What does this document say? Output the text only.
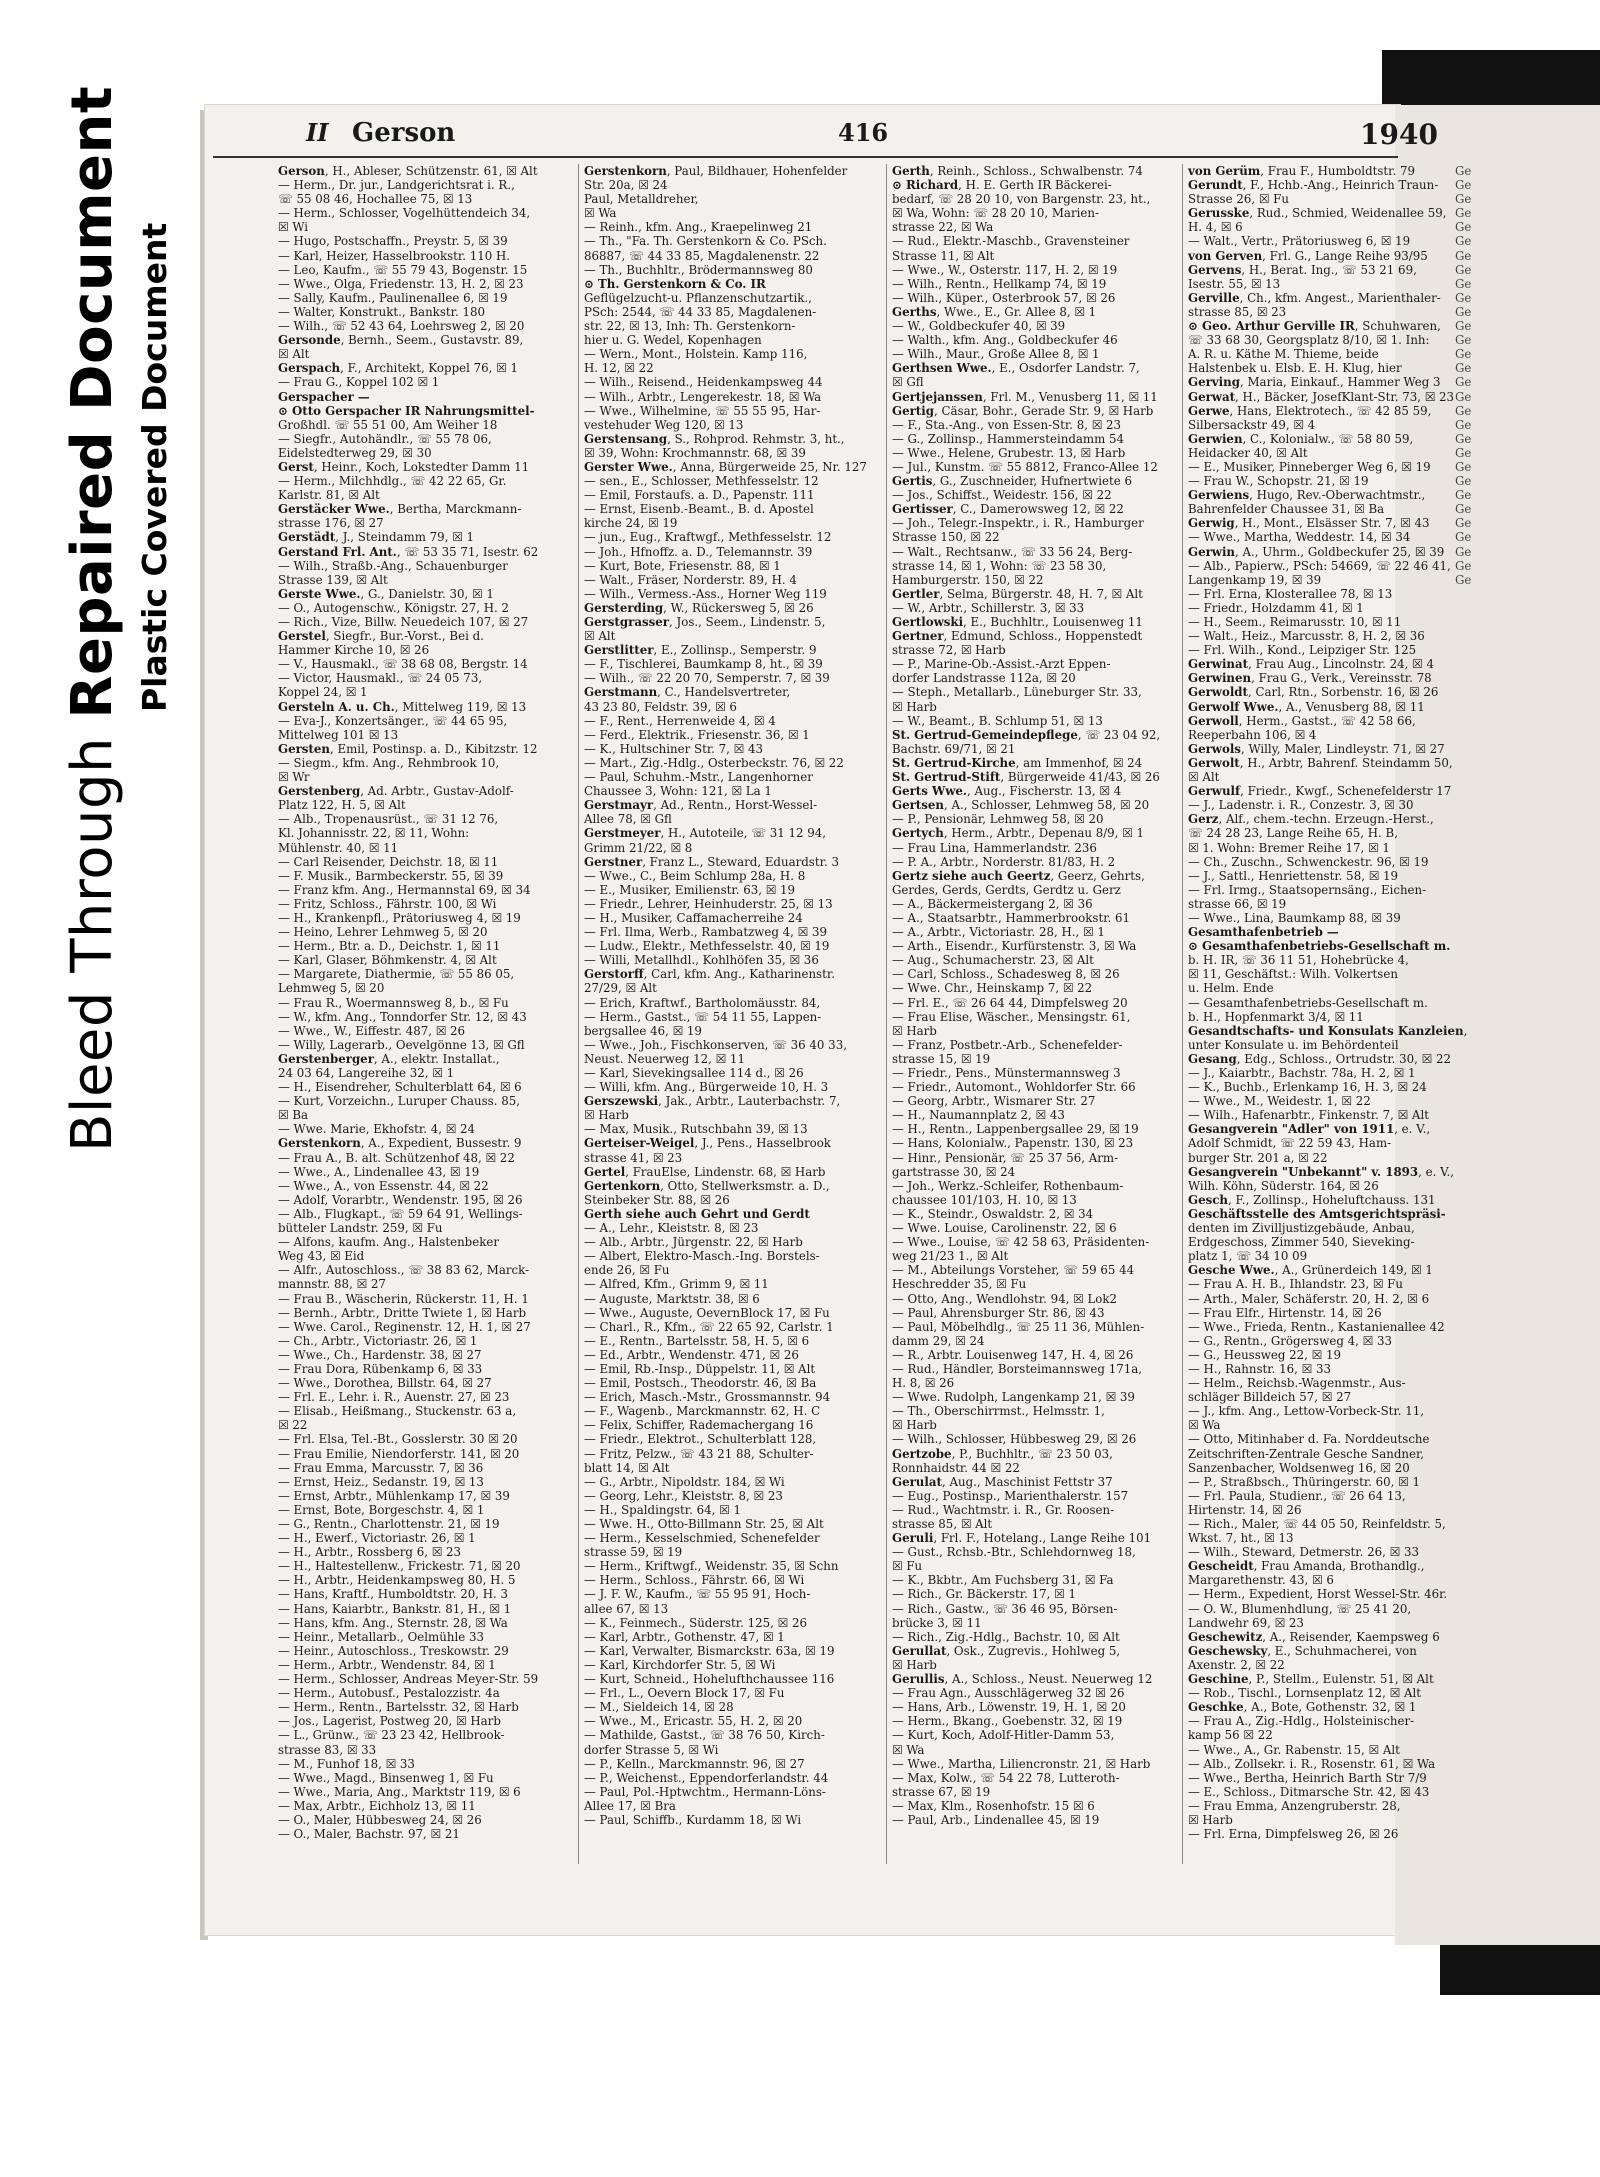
Bleed Through Repaired Document Plastic Covered Document
II Gerson	416	1940
Gerson, H., Ableser, Schützenstr. 61, ☒ Alt
— Herm., Dr. jur., Landgerichtsrat i. R.,
☏ 55 08 46, Hochallee 75, ☒ 13
— Herm., Schlosser, Vogelhüttendeich 34,
☒ Wi
— Hugo, Postschaffn., Preystr. 5, ☒ 39
— Karl, Heizer, Hasselbrookstr. 110 H.
— Leo, Kaufm., ☏ 55 79 43, Bogenstr. 15
— Wwe., Olga, Friedenstr. 13, H. 2, ☒ 23
— Sally, Kaufm., Paulinenallee 6, ☒ 19
— Walter, Konstrukt., Bankstr. 180
— Wilh., ☏ 52 43 64, Loehrsweg 2, ☒ 20
Gersonde, Bernh., Seem., Gustavstr. 89,
☒ Alt
Gerspach, F., Architekt, Koppel 76, ☒ 1
— Frau G., Koppel 102 ☒ 1
Gerspacher —
⊙ Otto Gerspacher IR Nahrungsmittel-
Großhdl. ☏ 55 51 00, Am Weiher 18
— Siegfr., Autohändlr., ☏ 55 78 06,
Eidelstedterweg 29, ☒ 30
Gerst, Heinr., Koch, Lokstedter Damm 11
— Herm., Milchhdlg., ☏ 42 22 65, Gr.
Karlstr. 81, ☒ Alt
Gerstäcker Wwe., Bertha, Marckmann-
strasse 176, ☒ 27
Gerstädt, J., Steindamm 79, ☒ 1
Gerstand Frl. Ant., ☏ 53 35 71, Isestr. 62
— Wilh., Straßb.-Ang., Schauenburger
Strasse 139, ☒ Alt
Gerste Wwe., G., Danielstr. 30, ☒ 1
— O., Autogenschw., Königstr. 27, H. 2
— Rich., Vize, Billw. Neuedeich 107, ☒ 27
Gerstel, Siegfr., Bur.-Vorst., Bei d.
Hammer Kirche 10, ☒ 26
— V., Hausmakl., ☏ 38 68 08, Bergstr. 14
— Victor, Hausmakl., ☏ 24 05 73,
Koppel 24, ☒ 1
Gersteln A. u. Ch., Mittelweg 119, ☒ 13
— Eva-J., Konzertsänger., ☏ 44 65 95,
Mittelweg 101 ☒ 13
Gersten, Emil, Postinsp. a. D., Kibitzstr. 12
— Siegm., kfm. Ang., Rehmbrook 10,
☒ Wr
Gerstenberg, Ad. Arbtr., Gustav-Adolf-
Platz 122, H. 5, ☒ Alt
— Alb., Tropenausrüst., ☏ 31 12 76,
Kl. Johannisstr. 22, ☒ 11, Wohn:
Mühlenstr. 40, ☒ 11
— Carl Reisender, Deichstr. 18, ☒ 11
— F. Musik., Barmbeckerstr. 55, ☒ 39
— Franz kfm. Ang., Hermannstal 69, ☒ 34
— Fritz, Schloss., Fährstr. 100, ☒ Wi
— H., Krankenpfl., Prätoriusweg 4, ☒ 19
— Heino, Lehrer Lehmweg 5, ☒ 20
— Herm., Btr. a. D., Deichstr. 1, ☒ 11
— Karl, Glaser, Böhmkenstr. 4, ☒ Alt
— Margarete, Diathermie, ☏ 55 86 05,
Lehmweg 5, ☒ 20
— Frau R., Woermannsweg 8, b., ☒ Fu
— W., kfm. Ang., Tonndorfer Str. 12, ☒ 43
— Wwe., W., Eiffestr. 487, ☒ 26
— Willy, Lagerarb., Oevelgönne 13, ☒ Gfl
Gerstenberger, A., elektr. Installat.,
24 03 64, Langereihe 32, ☒ 1
— H., Eisendreher, Schulterblatt 64, ☒ 6
— Kurt, Vorzeichn., Luruper Chauss. 85,
☒ Ba
— Wwe. Marie, Ekhofstr. 4, ☒ 24
Gerstenkorn, A., Expedient, Bussestr. 9
— Frau A., B. alt. Schützenhof 48, ☒ 22
— Wwe., A., Lindenallee 43, ☒ 19
— Wwe., A., von Essenstr. 44, ☒ 22
— Adolf, Vorarbtr., Wendenstr. 195, ☒ 26
— Alb., Flugkapt., ☏ 59 64 91, Wellings-
bütteler Landstr. 259, ☒ Fu
— Alfons, kaufm. Ang., Halstenbeker
Weg 43, ☒ Eid
— Alfr., Autoschloss., ☏ 38 83 62, Marck-
mannstr. 88, ☒ 27
— Frau B., Wäscherin, Rückerstr. 11, H. 1
— Bernh., Arbtr., Dritte Twiete 1, ☒ Harb
— Wwe. Carol., Reginenstr. 12, H. 1, ☒ 27
— Ch., Arbtr., Victoriastr. 26, ☒ 1
— Wwe., Ch., Hardenstr. 38, ☒ 27
— Frau Dora, Rübenkamp 6, ☒ 33
— Wwe., Dorothea, Billstr. 64, ☒ 27
— Frl. E., Lehr. i. R., Auenstr. 27, ☒ 23
— Elisab., Heißmang., Stuckenstr. 63 a,
☒ 22
— Frl. Elsa, Tel.-Bt., Gosslerstr. 30 ☒ 20
— Frau Emilie, Niendorferstr. 141, ☒ 20
— Frau Emma, Marcusstr. 7, ☒ 36
— Ernst, Heiz., Sedanstr. 19, ☒ 13
— Ernst, Arbtr., Mühlenkamp 17, ☒ 39
— Ernst, Bote, Borgeschstr. 4, ☒ 1
— G., Rentn., Charlottenstr. 21, ☒ 19
— H., Ewerf., Victoriastr. 26, ☒ 1
— H., Arbtr., Rossberg 6, ☒ 23
— H., Haltestellenw., Frickestr. 71, ☒ 20
— H., Arbtr., Heidenkampsweg 80, H. 5
— Hans, Kraftf., Humboldtstr. 20, H. 3
— Hans, Kaiarbtr., Bankstr. 81, H., ☒ 1
— Hans, kfm. Ang., Sternstr. 28, ☒ Wa
— Heinr., Metallarb., Oelmühle 33
— Heinr., Autoschloss., Treskowstr. 29
— Herm., Arbtr., Wendenstr. 84, ☒ 1
— Herm., Schlosser, Andreas Meyer-Str. 59
— Herm., Autobusf., Pestalozzistr. 4a
— Herm., Rentn., Bartelsstr. 32, ☒ Harb
— Jos., Lagerist, Postweg 20, ☒ Harb
— L., Grünw., ☏ 23 23 42, Hellbrook-
strasse 83, ☒ 33
— M., Funhof 18, ☒ 33
— Wwe., Magd., Binsenweg 1, ☒ Fu
— Wwe., Maria, Ang., Marktstr 119, ☒ 6
— Max, Arbtr., Eichholz 13, ☒ 11
— O., Maler, Hübbesweg 24, ☒ 26
— O., Maler, Bachstr. 97, ☒ 21
Gerstenkorn, Paul, Bildhauer, Hohenfelder
Str. 20a, ☒ 24
Paul, Metalldreher,
☒ Wa
— Reinh., kfm. Ang., Kraepelinweg 21
— Th., "Fa. Th. Gerstenkorn & Co. PSch.
86887, ☏ 44 33 85, Magdalenenstr. 22
— Th., Buchhltr., Brödermannsweg 80
⊙ Th. Gerstenkorn & Co. IR
Geflügelzucht-u. Pflanzenschutzartik.,
PSch: 2544, ☏ 44 33 85, Magdalenen-
str. 22, ☒ 13, Inh: Th. Gerstenkorn-
hier u. G. Wedel, Kopenhagen
— Wern., Mont., Holstein. Kamp 116,
H. 12, ☒ 22
— Wilh., Reisend., Heidenkampsweg 44
— Wilh., Arbtr., Lengerekestr. 18, ☒ Wa
— Wwe., Wilhelmine, ☏ 55 55 95, Har-
vestehuder Weg 120, ☒ 13
Gerstensang, S., Rohprod. Rehmstr. 3, ht.,
☒ 39, Wohn: Krochmannstr. 68, ☒ 39
Gerster Wwe., Anna, Bürgerweide 25, Nr. 127
— sen., E., Schlosser, Methfesselstr. 12
— Emil, Forstaufs. a. D., Papenstr. 111
— Ernst, Eisenb.-Beamt., B. d. Apostel
kirche 24, ☒ 19
— jun., Eug., Kraftwgf., Methfesselstr. 12
— Joh., Hfnoffz. a. D., Telemannstr. 39
— Kurt, Bote, Friesenstr. 88, ☒ 1
— Walt., Fräser, Norderstr. 89, H. 4
— Wilh., Vermess.-Ass., Horner Weg 119
Gersterding, W., Rückersweg 5, ☒ 26
Gerstgrasser, Jos., Seem., Lindenstr. 5,
☒ Alt
Gerstlitter, E., Zollinsp., Semperstr. 9
— F., Tischlerei, Baumkamp 8, ht., ☒ 39
— Wilh., ☏ 22 20 70, Semperstr. 7, ☒ 39
Gerstmann, C., Handelsvertreter,
43 23 80, Feldstr. 39, ☒ 6
— F., Rent., Herrenweide 4, ☒ 4
— Ferd., Elektrik., Friesenstr. 36, ☒ 1
— K., Hultschiner Str. 7, ☒ 43
— Mart., Zig.-Hdlg., Osterbeckstr. 76, ☒ 22
— Paul, Schuhm.-Mstr., Langenhorner
Chaussee 3, Wohn: 121, ☒ La 1
Gerstmayr, Ad., Rentn., Horst-Wessel-
Allee 78, ☒ Gfl
Gerstmeyer, H., Autoteile, ☏ 31 12 94,
Grimm 21/22, ☒ 8
Gerstner, Franz L., Steward, Eduardstr. 3
— Wwe., C., Beim Schlump 28a, H. 8
— E., Musiker, Emilienstr. 63, ☒ 19
— Friedr., Lehrer, Heinhuderstr. 25, ☒ 13
— H., Musiker, Caffamacherreihe 24
— Frl. Ilma, Werb., Rambatzweg 4, ☒ 39
— Ludw., Elektr., Methfesselstr. 40, ☒ 19
— Willi, Metallhdl., Kohlhöfen 35, ☒ 36
Gerstorff, Carl, kfm. Ang., Katharinenstr.
27/29, ☒ Alt
— Erich, Kraftwf., Bartholomäusstr. 84,
— Herm., Gastst., ☏ 54 11 55, Lappen-
bergsallee 46, ☒ 19
— Wwe., Joh., Fischkonserven, ☏ 36 40 33,
Neust. Neuerweg 12, ☒ 11
— Karl, Sievekingsallee 114 d., ☒ 26
— Willi, kfm. Ang., Bürgerweide 10, H. 3
Gerszewski, Jak., Arbtr., Lauterbachstr. 7,
☒ Harb
— Max, Musik., Rutschbahn 39, ☒ 13
Gerteiser-Weigel, J., Pens., Hasselbrook
strasse 41, ☒ 23
Gertel, FrauElse, Lindenstr. 68, ☒ Harb
Gertenkorn, Otto, Stellwerksmstr. a. D.,
Steinbeker Str. 88, ☒ 26
Gerth siehe auch Gehrt und Gerdt
— A., Lehr., Kleiststr. 8, ☒ 23
— Alb., Arbtr., Jürgenstr. 22, ☒ Harb
— Albert, Elektro-Masch.-Ing. Borstels-
ende 26, ☒ Fu
— Alfred, Kfm., Grimm 9, ☒ 11
— Auguste, Marktstr. 38, ☒ 6
— Wwe., Auguste, OevernBlock 17, ☒ Fu
— Charl., R., Kfm., ☏ 22 65 92, Carlstr. 1
— E., Rentn., Bartelsstr. 58, H. 5, ☒ 6
— Ed., Arbtr., Wendenstr. 471, ☒ 26
— Emil, Rb.-Insp., Düppelstr. 11, ☒ Alt
— Emil, Postsch., Theodorstr. 46, ☒ Ba
— Erich, Masch.-Mstr., Grossmannstr. 94
— F., Wagenb., Marckmannstr. 62, H. C
— Felix, Schiffer, Rademachergang 16
— Friedr., Elektrot., Schulterblatt 128,
— Fritz, Pelzw., ☏ 43 21 88, Schulter-
blatt 14, ☒ Alt
— G., Arbtr., Nipoldstr. 184, ☒ Wi
— Georg, Lehr., Kleiststr. 8, ☒ 23
— H., Spaldingstr. 64, ☒ 1
— Wwe. H., Otto-Billmann Str. 25, ☒ Alt
— Herm., Kesselschmied, Schenefelder
strasse 59, ☒ 19
— Herm., Kriftwgf., Weidenstr. 35, ☒ Schn
— Herm., Schloss., Fährstr. 66, ☒ Wi
— J. F. W., Kaufm., ☏ 55 95 91, Hoch-
allee 67, ☒ 13
— K., Feinmech., Süderstr. 125, ☒ 26
— Karl, Arbtr., Gothenstr. 47, ☒ 1
— Karl, Verwalter, Bismarckstr. 63a, ☒ 19
— Karl, Kirchdorfer Str. 5, ☒ Wi
— Kurt, Schneid., Hohelufthchaussee 116
— Frl., L., Oevern Block 17, ☒ Fu
— M., Sieldeich 14, ☒ 28
— Wwe., M., Ericastr. 55, H. 2, ☒ 20
— Mathilde, Gastst., ☏ 38 76 50, Kirch-
dorfer Strasse 5, ☒ Wi
— P., Kelln., Marckmannstr. 96, ☒ 27
— P., Weichenst., Eppendorferlandstr. 44
— Paul, Pol.-Hptwchtm., Hermann-Löns-
Allee 17, ☒ Bra
— Paul, Schiffb., Kurdamm 18, ☒ Wi
Gerth, Reinh., Schloss., Schwalbenstr. 74
⊙ Richard, H. E. Gerth IR Bäckerei-
bedarf, ☏ 28 20 10, von Bargenstr. 23, ht.,
☒ Wa, Wohn: ☏ 28 20 10, Marien-
strasse 22, ☒ Wa
— Rud., Elektr.-Maschb., Gravensteiner
Strasse 11, ☒ Alt
— Wwe., W., Osterstr. 117, H. 2, ☒ 19
— Wilh., Rentn., Hellkamp 74, ☒ 19
— Wilh., Küper., Osterbrook 57, ☒ 26
Gerths, Wwe., E., Gr. Allee 8, ☒ 1
— W., Goldbeckufer 40, ☒ 39
— Walth., kfm. Ang., Goldbeckufer 46
— Wilh., Maur., Große Allee 8, ☒ 1
Gerthsen Wwe., E., Osdorfer Landstr. 7,
☒ Gfl
Gertjejanssen, Frl. M., Venusberg 11, ☒ 11
Gertig, Cäsar, Bohr., Gerade Str. 9, ☒ Harb
— F., Sta.-Ang., von Essen-Str. 8, ☒ 23
— G., Zollinsp., Hammersteindamm 54
— Wwe., Helene, Grubestr. 13, ☒ Harb
— Jul., Kunstm. ☏ 55 8812, Franco-Allee 12
Gertis, G., Zuschneider, Hufnertwiete 6
— Jos., Schiffst., Weidestr. 156, ☒ 22
Gertisser, C., Damerowsweg 12, ☒ 22
— Joh., Telegr.-Inspektr., i. R., Hamburger
Strasse 150, ☒ 22
— Walt., Rechtsanw., ☏ 33 56 24, Berg-
strasse 14, ☒ 1, Wohn: ☏ 23 58 30,
Hamburgerstr. 150, ☒ 22
Gertler, Selma, Bürgerstr. 48, H. 7, ☒ Alt
— W., Arbtr., Schillerstr. 3, ☒ 33
Gertlowski, E., Buchhltr., Louisenweg 11
Gertner, Edmund, Schloss., Hoppenstedt
strasse 72, ☒ Harb
— P., Marine-Ob.-Assist.-Arzt Eppen-
dorfer Landstrasse 112a, ☒ 20
— Steph., Metallarb., Lüneburger Str. 33,
☒ Harb
— W., Beamt., B. Schlump 51, ☒ 13
St. Gertrud-Gemeindepflege, ☏ 23 04 92,
Bachstr. 69/71, ☒ 21
St. Gertrud-Kirche, am Immenhof, ☒ 24
St. Gertrud-Stift, Bürgerweide 41/43, ☒ 26
Gerts Wwe., Aug., Fischerstr. 13, ☒ 4
Gertsen, A., Schlosser, Lehmweg 58, ☒ 20
— P., Pensionär, Lehmweg 58, ☒ 20
Gertych, Herm., Arbtr., Depenau 8/9, ☒ 1
— Frau Lina, Hammerlandstr. 236
— P. A., Arbtr., Norderstr. 81/83, H. 2
Gertz siehe auch Geertz, Geerz, Gehrts,
Gerdes, Gerds, Gerdts, Gerdtz u. Gerz
— A., Bäckermeistergang 2, ☒ 36
— A., Staatsarbtr., Hammerbrookstr. 61
— A., Arbtr., Victoriastr. 28, H., ☒ 1
— Arth., Eisendr., Kurfürstenstr. 3, ☒ Wa
— Aug., Schumacherstr. 23, ☒ Alt
— Carl, Schloss., Schadesweg 8, ☒ 26
— Wwe. Chr., Heinskamp 7, ☒ 22
— Frl. E., ☏ 26 64 44, Dimpfelsweg 20
— Frau Elise, Wäscher., Mensingstr. 61,
☒ Harb
— Franz, Postbetr.-Arb., Schenefelder-
strasse 15, ☒ 19
— Friedr., Pens., Münstermannsweg 3
— Friedr., Automont., Wohldorfer Str. 66
— Georg, Arbtr., Wismarer Str. 27
— H., Naumannplatz 2, ☒ 43
— H., Rentn., Lappenbergsallee 29, ☒ 19
— Hans, Kolonialw., Papenstr. 130, ☒ 23
— Hinr., Pensionär, ☏ 25 37 56, Arm-
gartstrasse 30, ☒ 24
— Joh., Werkz.-Schleifer, Rothenbaum-
chaussee 101/103, H. 10, ☒ 13
— K., Steindr., Oswaldstr. 2, ☒ 34
— Wwe. Louise, Carolinenstr. 22, ☒ 6
— Wwe., Louise, ☏ 42 58 63, Präsidenten-
weg 21/23 1., ☒ Alt
— M., Abteilungs Vorsteher, ☏ 59 65 44
Heschredder 35, ☒ Fu
— Otto, Ang., Wendlohstr. 94, ☒ Lok2
— Paul, Ahrensburger Str. 86, ☒ 43
— Paul, Möbelhdlg., ☏ 25 11 36, Mühlen-
damm 29, ☒ 24
— R., Arbtr. Louisenweg 147, H. 4, ☒ 26
— Rud., Händler, Borsteimannsweg 171a,
H. 8, ☒ 26
— Wwe. Rudolph, Langenkamp 21, ☒ 39
— Th., Oberschirrmst., Helmsstr. 1,
☒ Harb
— Wilh., Schlosser, Hübbesweg 29, ☒ 26
Gertzobe, P., Buchhltr., ☏ 23 50 03,
Ronnhaidstr. 44 ☒ 22
Gerulat, Aug., Maschinist Fettstr 37
— Eug., Postinsp., Marienthalerstr. 157
— Rud., Wachtmstr. i. R., Gr. Roosen-
strasse 85, ☒ Alt
Geruli, Frl. F., Hotelang., Lange Reihe 101
— Gust., Rchsb.-Btr., Schlehdornweg 18,
☒ Fu
— K., Bkbtr., Am Fuchsberg 31, ☒ Fa
— Rich., Gr. Bäckerstr. 17, ☒ 1
— Rich., Gastw., ☏ 36 46 95, Börsen-
brücke 3, ☒ 11
— Rich., Zig.-Hdlg., Bachstr. 10, ☒ Alt
Gerullat, Osk., Zugrevis., Hohlweg 5,
☒ Harb
Gerullis, A., Schloss., Neust. Neuerweg 12
— Frau Agn., Ausschlägerweg 32 ☒ 26
— Hans, Arb., Löwenstr. 19, H. 1, ☒ 20
— Herm., Bkang., Goebenstr. 32, ☒ 19
— Kurt, Koch, Adolf-Hitler-Damm 53,
☒ Wa
— Wwe., Martha, Liliencronstr. 21, ☒ Harb
— Max, Kolw., ☏ 54 22 78, Lutteroth-
strasse 67, ☒ 19
— Max, Klm., Rosenhofstr. 15 ☒ 6
— Paul, Arb., Lindenallee 45, ☒ 19
von Gerüm, Frau F., Humboldtstr. 79
Gerundt, F., Hchb.-Ang., Heinrich Traun-
Strasse 26, ☒ Fu
Gerusske, Rud., Schmied, Weidenallee 59,
H. 4, ☒ 6
— Walt., Vertr., Prätoriusweg 6, ☒ 19
von Gerven, Frl. G., Lange Reihe 93/95
Gervens, H., Berat. Ing., ☏ 53 21 69,
Isestr. 55, ☒ 13
Gerville, Ch., kfm. Angest., Marienthaler-
strasse 85, ☒ 23
⊙ Geo. Arthur Gerville IR, Schuhwaren,
☏ 33 68 30, Georgsplatz 8/10, ☒ 1. Inh:
A. R. u. Käthe M. Thieme, beide
Halstenbek u. Elsb. E. H. Klug, hier
Gerving, Maria, Einkauf., Hammer Weg 3
Gerwat, H., Bäcker, JosefKlant-Str. 73, ☒ 23
Gerwe, Hans, Elektrotech., ☏ 42 85 59,
Silbersackstr 49, ☒ 4
Gerwien, C., Kolonialw., ☏ 58 80 59,
Heidacker 40, ☒ Alt
— E., Musiker, Pinneberger Weg 6, ☒ 19
— Frau W., Schopstr. 21, ☒ 19
Gerwiens, Hugo, Rev.-Oberwachtmstr.,
Bahrenfelder Chaussee 31, ☒ Ba
Gerwig, H., Mont., Elsässer Str. 7, ☒ 43
— Wwe., Martha, Weddestr. 14, ☒ 34
Gerwin, A., Uhrm., Goldbeckufer 25, ☒ 39
— Alb., Papierw., PSch: 54669, ☏ 22 46 41,
Langenkamp 19, ☒ 39
— Frl. Erna, Klosterallee 78, ☒ 13
— Friedr., Holzdamm 41, ☒ 1
— H., Seem., Reimarusstr. 10, ☒ 11
— Walt., Heiz., Marcusstr. 8, H. 2, ☒ 36
— Frl. Wilh., Kond., Leipziger Str. 125
Gerwinat, Frau Aug., Lincolnstr. 24, ☒ 4
Gerwinen, Frau G., Verk., Vereinsstr. 78
Gerwoldt, Carl, Rtn., Sorbenstr. 16, ☒ 26
Gerwolf Wwe., A., Venusberg 88, ☒ 11
Gerwoll, Herm., Gastst., ☏ 42 58 66,
Reeperbahn 106, ☒ 4
Gerwols, Willy, Maler, Lindleystr. 71, ☒ 27
Gerwolt, H., Arbtr, Bahrenf. Steindamm 50,
☒ Alt
Gerwulf, Friedr., Kwgf., Schenefelderstr 17
— J., Ladenstr. i. R., Conzestr. 3, ☒ 30
Gerz, Alf., chem.-techn. Erzeugn.-Herst.,
☏ 24 28 23, Lange Reihe 65, H. B,
☒ 1. Wohn: Bremer Reihe 17, ☒ 1
— Ch., Zuschn., Schwenckestr. 96, ☒ 19
— J., Sattl., Henriettenstr. 58, ☒ 19
— Frl. Irmg., Staatsopernsäng., Eichen-
strasse 66, ☒ 19
— Wwe., Lina, Baumkamp 88, ☒ 39
Gesamthafenbetrieb —
⊙ Gesamthafenbetriebs-Gesellschaft m.
b. H. IR, ☏ 36 11 51, Hohebrücke 4,
☒ 11, Geschäftst.: Wilh. Volkertsen
u. Helm. Ende
— Gesamthafenbetriebs-Gesellschaft m.
b. H., Hopfenmarkt 3/4, ☒ 11
Gesandtschafts- und Konsulats Kanzleien
unter Konsulate u. im Behördenteil
Gesang, Edg., Schloss., Ortrudstr. 30, ☒ 22
— J., Kaiarbtr., Bachstr. 78a, H. 2, ☒ 1
— K., Buchb., Erlenkamp 16, H. 3, ☒ 24
— Wwe., M., Weidestr. 1, ☒ 22
— Wilh., Hafenarbtr., Finkenstr. 7, ☒ Alt
Gesangverein "Adler" von 1911, e. V.,
Adolf Schmidt, ☏ 22 59 43, Ham-
burger Str. 201 a, ☒ 22
Gesangverein "Unbekannt" v. 1893, e. V.,
Wilh. Köhn, Süderstr. 164, ☒ 26
Gesch, F., Zollinsp., Hoheluftchauss. 131
Geschäftsstelle des Amtsgerichtspräsi-
denten im Zivilljustizgebäude, Anbau,
Erdgeschoss, Zimmer 540, Sieveking-
platz 1, ☏ 34 10 09
Gesche Wwe., A., Grünerdeich 149, ☒ 1
— Frau A. H. B., Ihlandstr. 23, ☒ Fu
— Arth., Maler, Schäferstr. 20, H. 2, ☒ 6
— Frau Elfr., Hirtenstr. 14, ☒ 26
— Wwe., Frieda, Rentn., Kastanienallee 42
— G., Rentn., Grögersweg 4, ☒ 33
— G., Heussweg 22, ☒ 19
— H., Rahnstr. 16, ☒ 33
— Helm., Reichsb.-Wagenmstr., Aus-
schläger Billdeich 57, ☒ 27
— J., kfm. Ang., Lettow-Vorbeck-Str. 11,
☒ Wa
— Otto, Mitinhaber d. Fa. Norddeutsche
Zeitschriften-Zentrale Gesche Sandner,
Sanzenbacher, Woldsenweg 16, ☒ 20
— P., Straßbsch., Thüringerstr. 60, ☒ 1
— Frl. Paula, Studienr., ☏ 26 64 13,
Hirtenstr. 14, ☒ 26
— Rich., Maler, ☏ 44 05 50, Reinfeldstr. 5,
Wkst. 7, ht., ☒ 13
— Wilh., Steward, Detmerstr. 26, ☒ 33
Gescheidt, Frau Amanda, Brothandlg.,
Margarethenstr. 43, ☒ 6
— Herm., Expedient, Horst Wessel-Str. 46r.
— O. W., Blumenhdlung, ☏ 25 41 20,
Landwehr 69, ☒ 23
Geschewitz, A., Reisender, Kaempsweg 6
Geschewsky, E., Schuhmacherei, von
Axenstr. 2, ☒ 22
Geschine, P., Stellm., Eulenstr. 51, ☒ Alt
— Rob., Tischl., Lornsenplatz 12, ☒ Alt
Geschke, A., Bote, Gothenstr. 32, ☒ 1
— Frau A., Zig.-Hdlg., Holsteinischer-
kamp 56 ☒ 22
— Wwe., A., Gr. Rabenstr. 15, ☒ Alt
— Alb., Zollsekr. i. R., Rosenstr. 61, ☒ Wa
— Wwe., Bertha, Heinrich Barth Str 7/9
— E., Schloss., Ditmarsche Str. 42, ☒ 43
— Frau Emma, Anzengruberstr. 28,
☒ Harb
— Frl. Erna, Dimpfelsweg 26, ☒ 26
Ge
Ge
Ge
Ge
Ge
Ge
Ge
Ge
Ge
Ge
Ge
Ge
Ge
Ge
Ge
Ge
Ge
Ge
Ge
Ge
Ge
Ge
Ge
Ge
Ge
Ge
Ge
Ge
Ge
Ge
